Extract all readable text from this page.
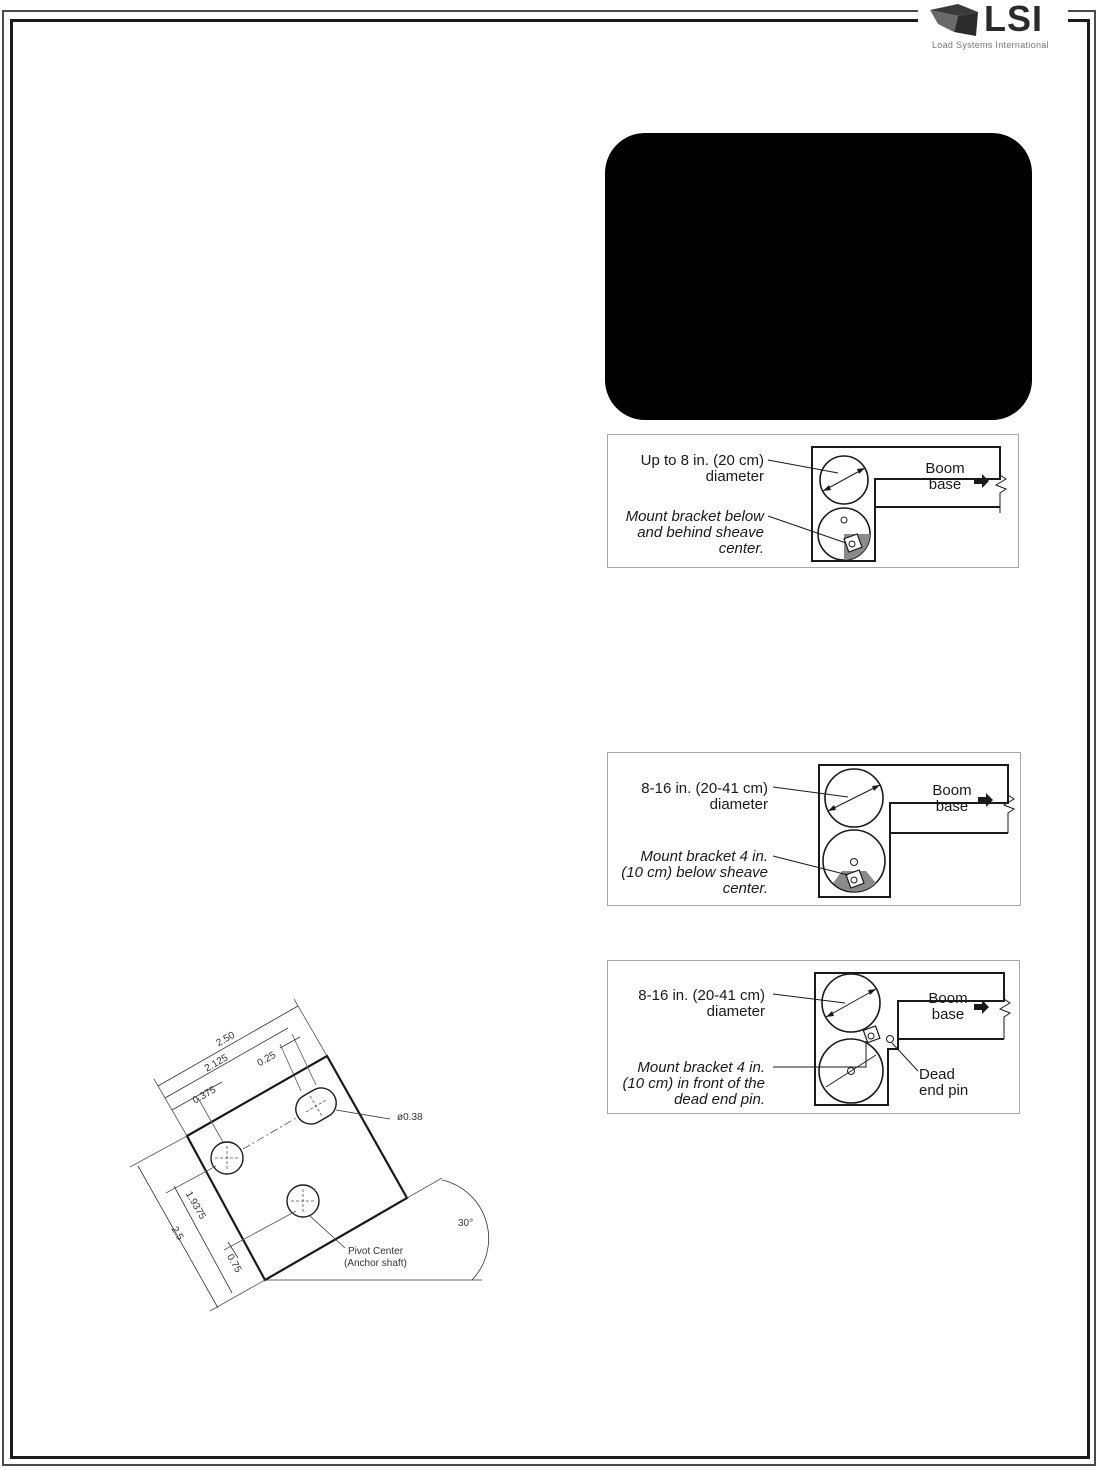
LSI
Load Systems International
Up to 8 in. (20 cm)
diameter
Mount bracket below
and behind sheave
center.
Boom
base
8-16 in. (20-41 cm)
diameter
Mount bracket 4 in.
(10 cm) below sheave
center.
Boom
base
8-16 in. (20-41 cm)
diameter
Mount bracket 4 in.
(10 cm) in front of the
dead end pin.
Boom
base
Dead
end pin
2.50
2.125	0.25
0.375
ø0.38
2.5
1.9375
0.75
30°
Pivot Center
(Anchor shaft)
